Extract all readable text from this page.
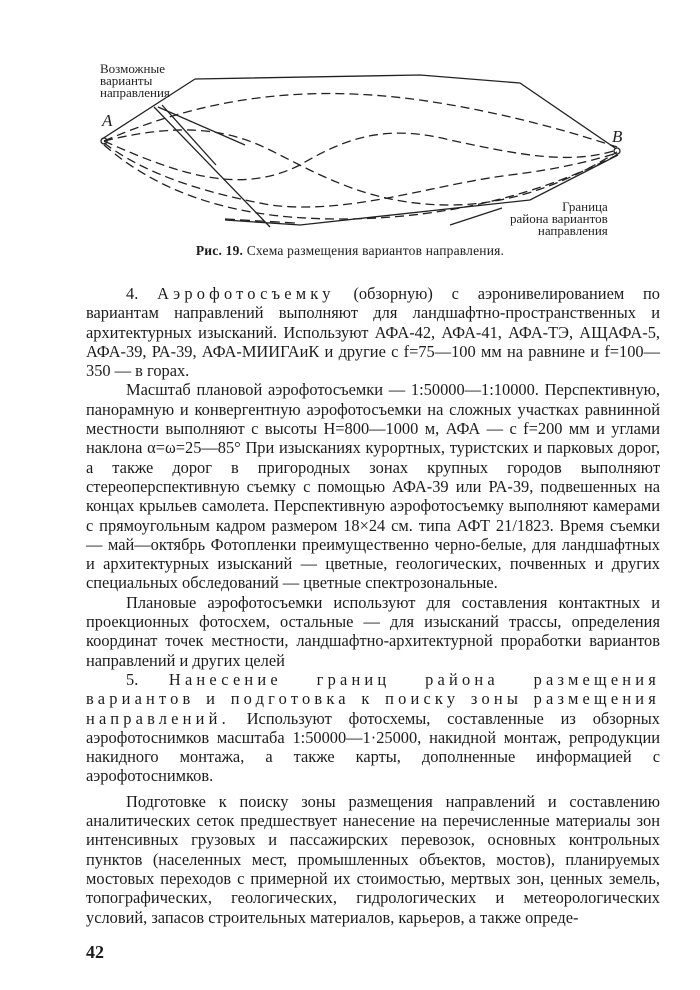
Возможные
варианты
направления
A
B
Граница
района вариантов
направления
Рис. 19. Схема размещения вариантов направления.

4. Аэрофотосъемку (обзорную) с аэронивелированием по вариантам направлений выполняют для ландшафтно-пространственных и архитектурных изысканий. Используют АФА-42, АФА-41, АФА-ТЭ, АЩАФА-5, АФА-39, РА-39, АФА-МИИГАиК и другие с f=75—100 мм на равнине и f=100—350 — в горах.

Масштаб плановой аэрофотосъемки — 1:50000—1:10000. Перспективную, панорамную и конвергентную аэрофотосъемки на сложных участках равнинной местности выполняют с высоты H=800—1000 м, АФА — с f=200 мм и углами наклона α=ω=25—85° При изысканиях курортных, туристских и парковых дорог, а также дорог в пригородных зонах крупных городов выполняют стереоперспективную съемку с помощью АФА-39 или РА-39, подвешенных на концах крыльев самолета. Перспективную аэрофотосъемку выполняют камерами с прямоугольным кадром размером 18×24 см. типа АФТ 21/1823. Время съемки — май—октябрь Фотопленки преимущественно черно-белые, для ландшафтных и архитектурных изысканий — цветные, геологических, почвенных и других специальных обследований — цветные спектрозональные.

Плановые аэрофотосъемки используют для составления контактных и проекционных фотосхем, остальные — для изысканий трассы, определения координат точек местности, ландшафтно-архитектурной проработки вариантов направлений и других целей

5. Нанесение границ района размещения вариантов и подготовка к поиску зоны размещения направлений. Используют фотосхемы, составленные из обзорных аэрофотоснимков масштаба 1:50000—1·25000, накидной монтаж, репродукции накидного монтажа, а также карты, дополненные информацией с аэрофотоснимков.

Подготовке к поиску зоны размещения направлений и составлению аналитических сеток предшествует нанесение на перечисленные материалы зон интенсивных грузовых и пассажирских перевозок, основных контрольных пунктов (населенных мест, промышленных объектов, мостов), планируемых мостовых переходов с примерной их стоимостью, мертвых зон, ценных земель, топографических, геологических, гидрологических и метеорологических условий, запасов строительных материалов, карьеров, а также опреде-

42
